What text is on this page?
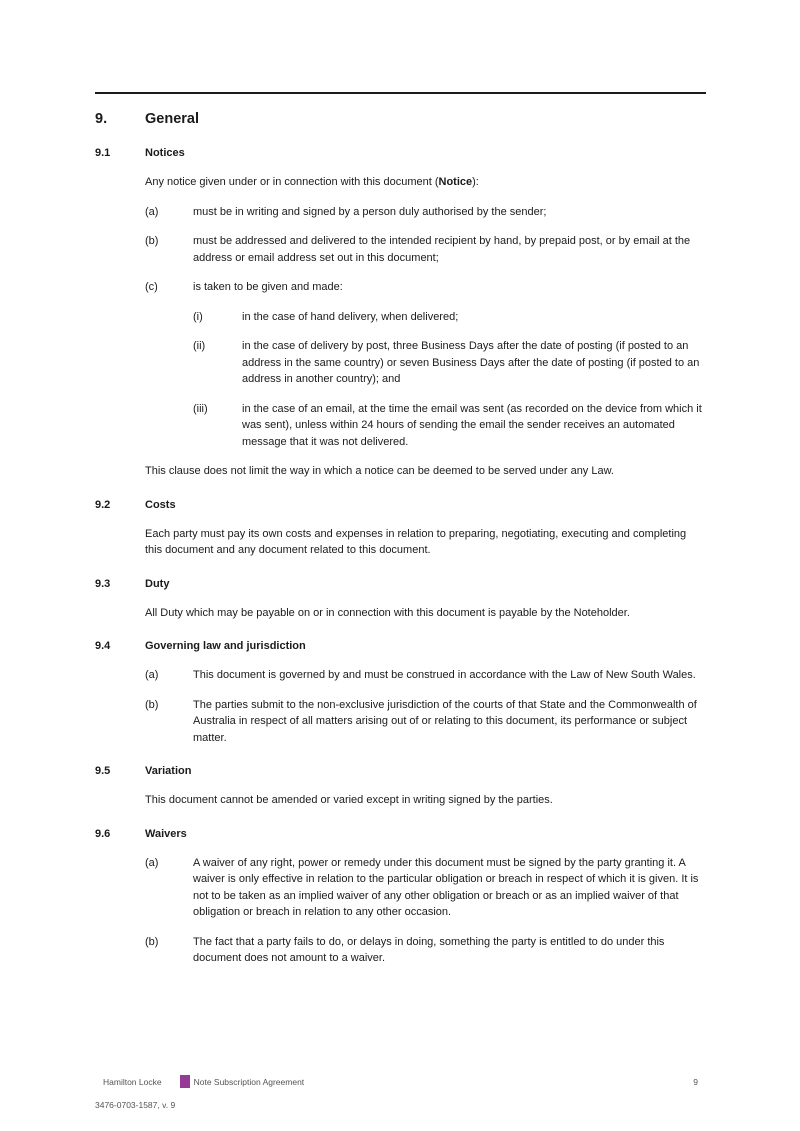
9.	General
9.1	Notices
Any notice given under or in connection with this document (Notice):
(a)	must be in writing and signed by a person duly authorised by the sender;
(b)	must be addressed and delivered to the intended recipient by hand, by prepaid post, or by email at the address or email address set out in this document;
(c)	is taken to be given and made:
(i)	in the case of hand delivery, when delivered;
(ii)	in the case of delivery by post, three Business Days after the date of posting (if posted to an address in the same country) or seven Business Days after the date of posting (if posted to an address in another country); and
(iii)	in the case of an email, at the time the email was sent (as recorded on the device from which it was sent), unless within 24 hours of sending the email the sender receives an automated message that it was not delivered.
This clause does not limit the way in which a notice can be deemed to be served under any Law.
9.2	Costs
Each party must pay its own costs and expenses in relation to preparing, negotiating, executing and completing this document and any document related to this document.
9.3	Duty
All Duty which may be payable on or in connection with this document is payable by the Noteholder.
9.4	Governing law and jurisdiction
(a)	This document is governed by and must be construed in accordance with the Law of New South Wales.
(b)	The parties submit to the non-exclusive jurisdiction of the courts of that State and the Commonwealth of Australia in respect of all matters arising out of or relating to this document, its performance or subject matter.
9.5	Variation
This document cannot be amended or varied except in writing signed by the parties.
9.6	Waivers
(a)	A waiver of any right, power or remedy under this document must be signed by the party granting it. A waiver is only effective in relation to the particular obligation or breach in respect of which it is given. It is not to be taken as an implied waiver of any other obligation or breach or as an implied waiver of that obligation or breach in relation to any other occasion.
(b)	The fact that a party fails to do, or delays in doing, something the party is entitled to do under this document does not amount to a waiver.
Hamilton Locke	Note Subscription Agreement	9
3476-0703-1587, v. 9
